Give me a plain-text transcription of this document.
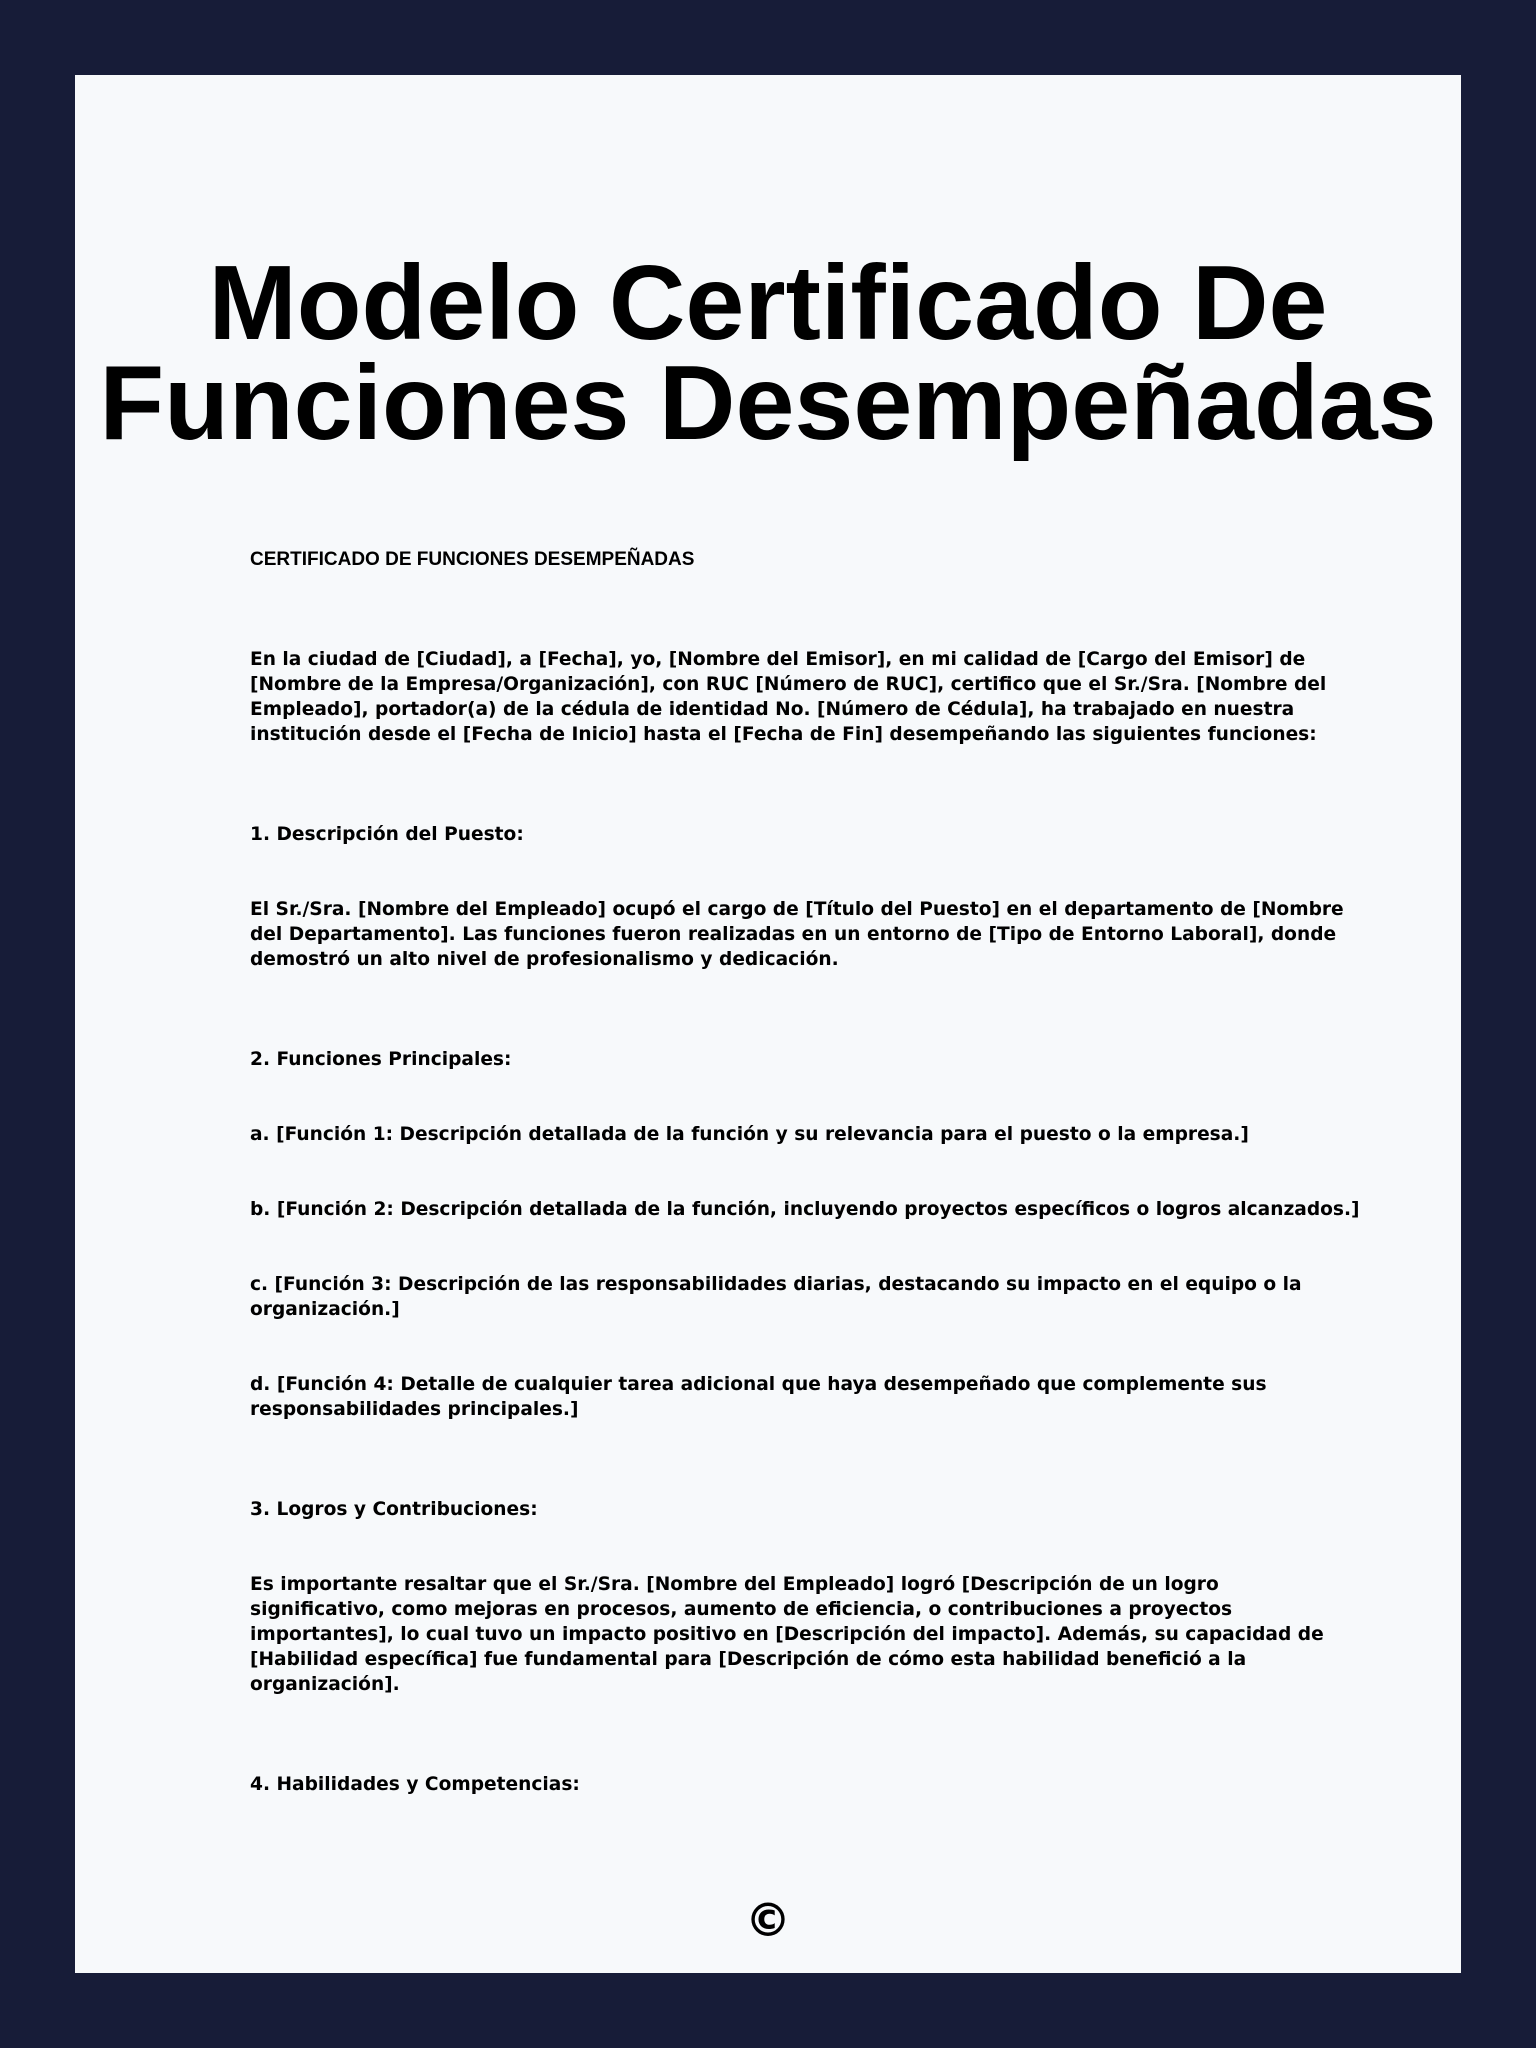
Modelo Certificado De Funciones Desempeñadas

CERTIFICADO DE FUNCIONES DESEMPEÑADAS

En la ciudad de [Ciudad], a [Fecha], yo, [Nombre del Emisor], en mi calidad de [Cargo del Emisor] de [Nombre de la Empresa/Organización], con RUC [Número de RUC], certifico que el Sr./Sra. [Nombre del Empleado], portador(a) de la cédula de identidad No. [Número de Cédula], ha trabajado en nuestra institución desde el [Fecha de Inicio] hasta el [Fecha de Fin] desempeñando las siguientes funciones:

1. Descripción del Puesto:

El Sr./Sra. [Nombre del Empleado] ocupó el cargo de [Título del Puesto] en el departamento de [Nombre del Departamento]. Las funciones fueron realizadas en un entorno de [Tipo de Entorno Laboral], donde demostró un alto nivel de profesionalismo y dedicación.

2. Funciones Principales:

a. [Función 1: Descripción detallada de la función y su relevancia para el puesto o la empresa.]

b. [Función 2: Descripción detallada de la función, incluyendo proyectos específicos o logros alcanzados.]

c. [Función 3: Descripción de las responsabilidades diarias, destacando su impacto en el equipo o la organización.]

d. [Función 4: Detalle de cualquier tarea adicional que haya desempeñado que complemente sus responsabilidades principales.]

3. Logros y Contribuciones:

Es importante resaltar que el Sr./Sra. [Nombre del Empleado] logró [Descripción de un logro significativo, como mejoras en procesos, aumento de eficiencia, o contribuciones a proyectos importantes], lo cual tuvo un impacto positivo en [Descripción del impacto]. Además, su capacidad de [Habilidad específica] fue fundamental para [Descripción de cómo esta habilidad benefició a la organización].

4. Habilidades y Competencias:

©
